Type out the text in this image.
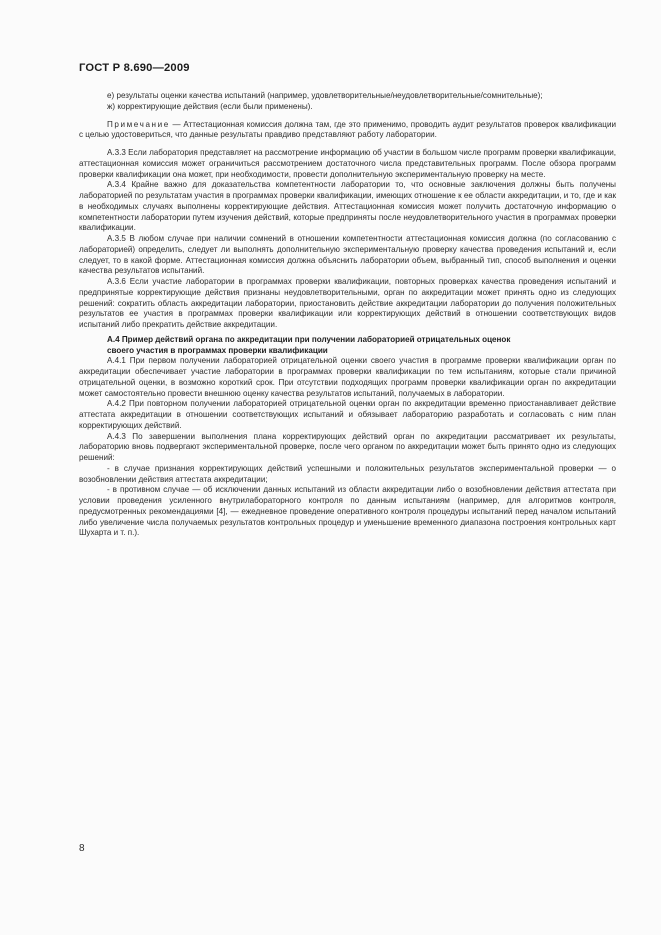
ГОСТ Р 8.690—2009

е) результаты оценки качества испытаний (например, удовлетворительные/неудовлетворительные/сомнительные);

ж) корректирующие действия (если были применены).

Примечание — Аттестационная комиссия должна там, где это применимо, проводить аудит результатов проверок квалификации с целью удостовериться, что данные результаты правдиво представляют работу лаборатории.

А.3.3 Если лаборатория представляет на рассмотрение информацию об участии в большом числе программ проверки квалификации, аттестационная комиссия может ограничиться рассмотрением достаточного числа представительных программ. После обзора программ проверки квалификации она может, при необходимости, провести дополнительную экспериментальную проверку на месте.

А.3.4 Крайне важно для доказательства компетентности лаборатории то, что основные заключения должны быть получены лабораторией по результатам участия в программах проверки квалификации, имеющих отношение к ее области аккредитации, и то, где и как в необходимых случаях выполнены корректирующие действия. Аттестационная комиссия может получить достаточную информацию о компетентности лаборатории путем изучения действий, которые предприняты после неудовлетворительного участия в программах проверки квалификации.

А.3.5 В любом случае при наличии сомнений в отношении компетентности аттестационная комиссия должна (по согласованию с лабораторией) определить, следует ли выполнять дополнительную экспериментальную проверку качества проведения испытаний и, если следует, то в какой форме. Аттестационная комиссия должна объяснить лаборатории объем, выбранный тип, способ выполнения и оценки качества результатов испытаний.

А.3.6 Если участие лаборатории в программах проверки квалификации, повторных проверках качества проведения испытаний и предпринятые корректирующие действия признаны неудовлетворительными, орган по аккредитации может принять одно из следующих решений: сократить область аккредитации лаборатории, приостановить действие аккредитации лаборатории до получения положительных результатов ее участия в программах проверки квалификации или корректирующих действий в отношении соответствующих видов испытаний либо прекратить действие аккредитации.

А.4 Пример действий органа по аккредитации при получении лабораторией отрицательных оценок

своего участия в программах проверки квалификации

А.4.1 При первом получении лабораторией отрицательной оценки своего участия в программе проверки квалификации орган по аккредитации обеспечивает участие лаборатории в программах проверки квалификации по тем испытаниям, которые стали причиной отрицательной оценки, в возможно короткий срок. При отсутствии подходящих программ проверки квалификации орган по аккредитации может самостоятельно провести внешнюю оценку качества результатов испытаний, получаемых в лаборатории.

А.4.2 При повторном получении лабораторией отрицательной оценки орган по аккредитации временно приостанавливает действие аттестата аккредитации в отношении соответствующих испытаний и обязывает лабораторию разработать и согласовать с ним план корректирующих действий.

А.4.3 По завершении выполнения плана корректирующих действий орган по аккредитации рассматривает их результаты, лабораторию вновь подвергают экспериментальной проверке, после чего органом по аккредитации может быть принято одно из следующих решений:

- в случае признания корректирующих действий успешными и положительных результатов экспериментальной проверки — о возобновлении действия аттестата аккредитации;

- в противном случае — об исключении данных испытаний из области аккредитации либо о возобновлении действия аттестата при условии проведения усиленного внутрилабораторного контроля по данным испытаниям (например, для алгоритмов контроля, предусмотренных рекомендациями [4], — ежедневное проведение оперативного контроля процедуры испытаний перед началом испытаний либо увеличение числа получаемых результатов контрольных процедур и уменьшение временного диапазона построения контрольных карт Шухарта и т. п.).

8
